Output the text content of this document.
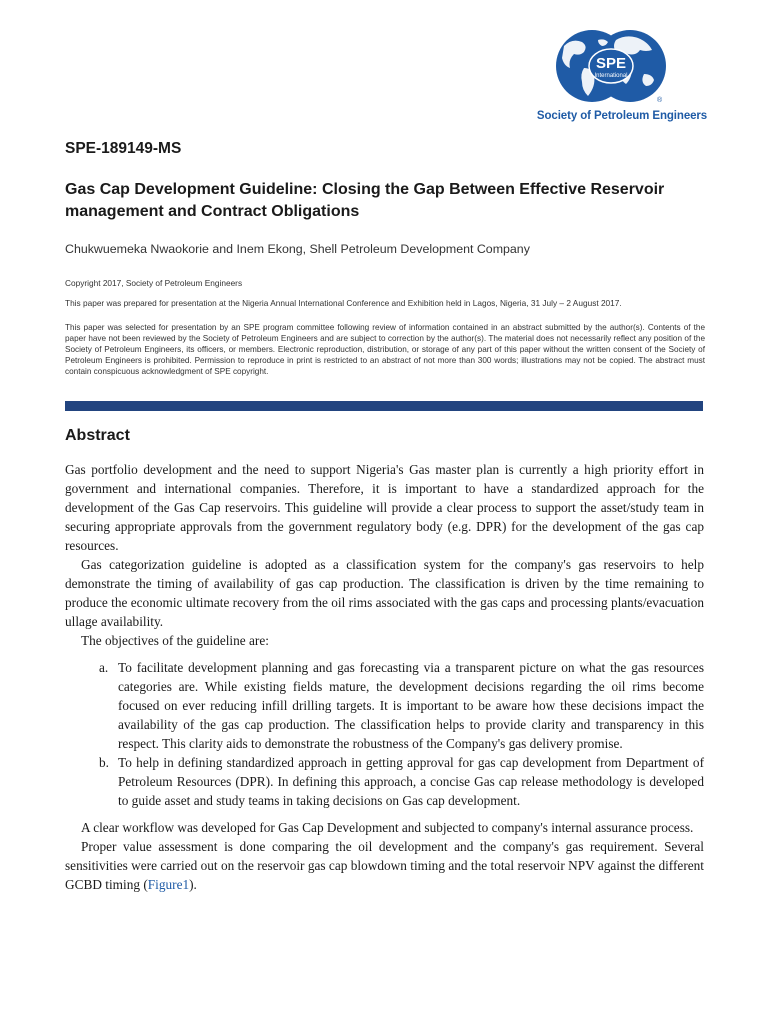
SPE
International
®
Society of Petroleum Engineers
SPE-189149-MS
Gas Cap Development Guideline: Closing the Gap Between Effective Reservoir management and Contract Obligations
Chukwuemeka Nwaokorie and Inem Ekong, Shell Petroleum Development Company
Copyright 2017, Society of Petroleum Engineers
This paper was prepared for presentation at the Nigeria Annual International Conference and Exhibition held in Lagos, Nigeria, 31 July – 2 August 2017.
This paper was selected for presentation by an SPE program committee following review of information contained in an abstract submitted by the author(s). Contents of the paper have not been reviewed by the Society of Petroleum Engineers and are subject to correction by the author(s). The material does not necessarily reflect any position of the Society of Petroleum Engineers, its officers, or members. Electronic reproduction, distribution, or storage of any part of this paper without the written consent of the Society of Petroleum Engineers is prohibited. Permission to reproduce in print is restricted to an abstract of not more than 300 words; illustrations may not be copied. The abstract must contain conspicuous acknowledgment of SPE copyright.
Abstract

Gas portfolio development and the need to support Nigeria's Gas master plan is currently a high priority effort in government and international companies. Therefore, it is important to have a standardized approach for the development of the Gas Cap reservoirs. This guideline will provide a clear process to support the asset/study team in securing appropriate approvals from the government regulatory body (e.g. DPR) for the development of the gas cap resources.

Gas categorization guideline is adopted as a classification system for the company's gas reservoirs to help demonstrate the timing of availability of gas cap production. The classification is driven by the time remaining to produce the economic ultimate recovery from the oil rims associated with the gas caps and processing plants/evacuation ullage availability.

The objectives of the guideline are:

a. To facilitate development planning and gas forecasting via a transparent picture on what the gas resources categories are. While existing fields mature, the development decisions regarding the oil rims become focused on ever reducing infill drilling targets. It is important to be aware how these decisions impact the availability of the gas cap production. The classification helps to provide clarity and transparency in this respect. This clarity aids to demonstrate the robustness of the Company's gas delivery promise.
b. To help in defining standardized approach in getting approval for gas cap development from Department of Petroleum Resources (DPR). In defining this approach, a concise Gas cap release methodology is developed to guide asset and study teams in taking decisions on Gas cap development.

A clear workflow was developed for Gas Cap Development and subjected to company's internal assurance process.

Proper value assessment is done comparing the oil development and the company's gas requirement. Several sensitivities were carried out on the reservoir gas cap blowdown timing and the total reservoir NPV against the different GCBD timing (Figure1).
